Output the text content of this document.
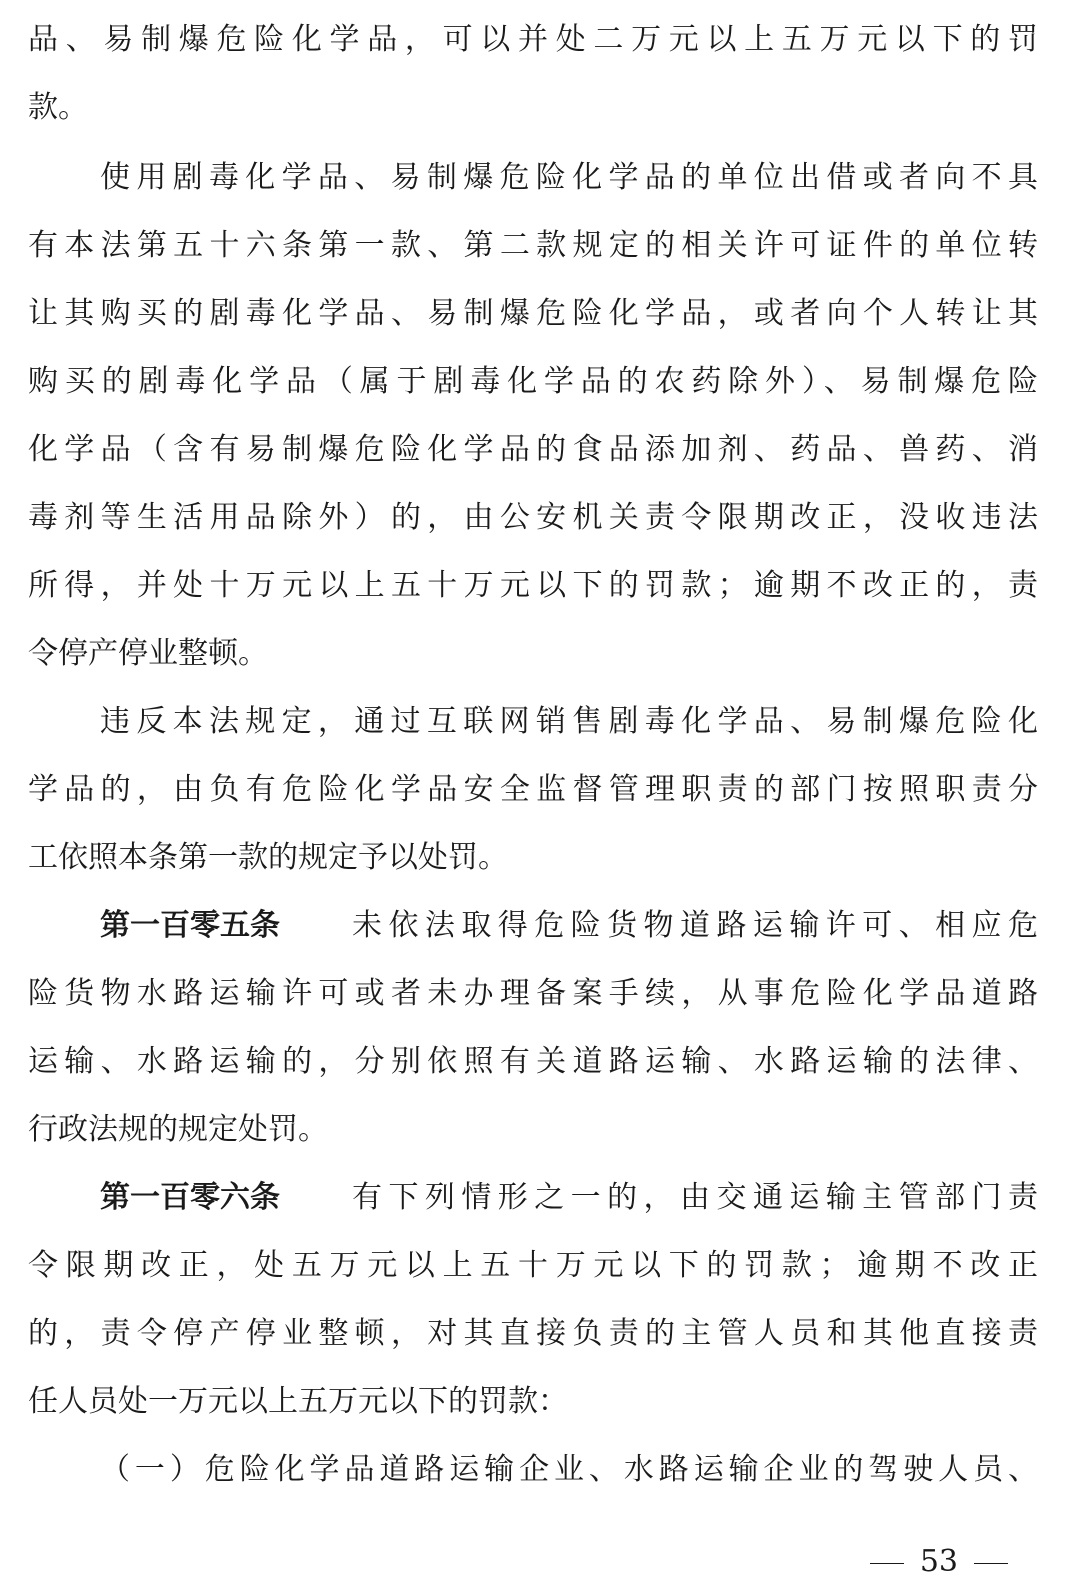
品、易制爆危险化学品，可以并处二万元以上五万元以下的罚
款。
使用剧毒化学品、易制爆危险化学品的单位出借或者向不具
有本法第五十六条第一款、第二款规定的相关许可证件的单位转
让其购买的剧毒化学品、易制爆危险化学品，或者向个人转让其
购买的剧毒化学品（属于剧毒化学品的农药除外）、易制爆危险
化学品（含有易制爆危险化学品的食品添加剂、药品、兽药、消
毒剂等生活用品除外）的，由公安机关责令限期改正，没收违法
所得，并处十万元以上五十万元以下的罚款；逾期不改正的，责
令停产停业整顿。
违反本法规定，通过互联网销售剧毒化学品、易制爆危险化
学品的，由负有危险化学品安全监督管理职责的部门按照职责分
工依照本条第一款的规定予以处罚。
第一百零五条	未依法取得危险货物道路运输许可、相应危
险货物水路运输许可或者未办理备案手续，从事危险化学品道路
运输、水路运输的，分别依照有关道路运输、水路运输的法律、
行政法规的规定处罚。
第一百零六条	有下列情形之一的，由交通运输主管部门责
令限期改正，处五万元以上五十万元以下的罚款；逾期不改正
的，责令停产停业整顿，对其直接负责的主管人员和其他直接责
任人员处一万元以上五万元以下的罚款：
（一）危险化学品道路运输企业、水路运输企业的驾驶人员、
53
